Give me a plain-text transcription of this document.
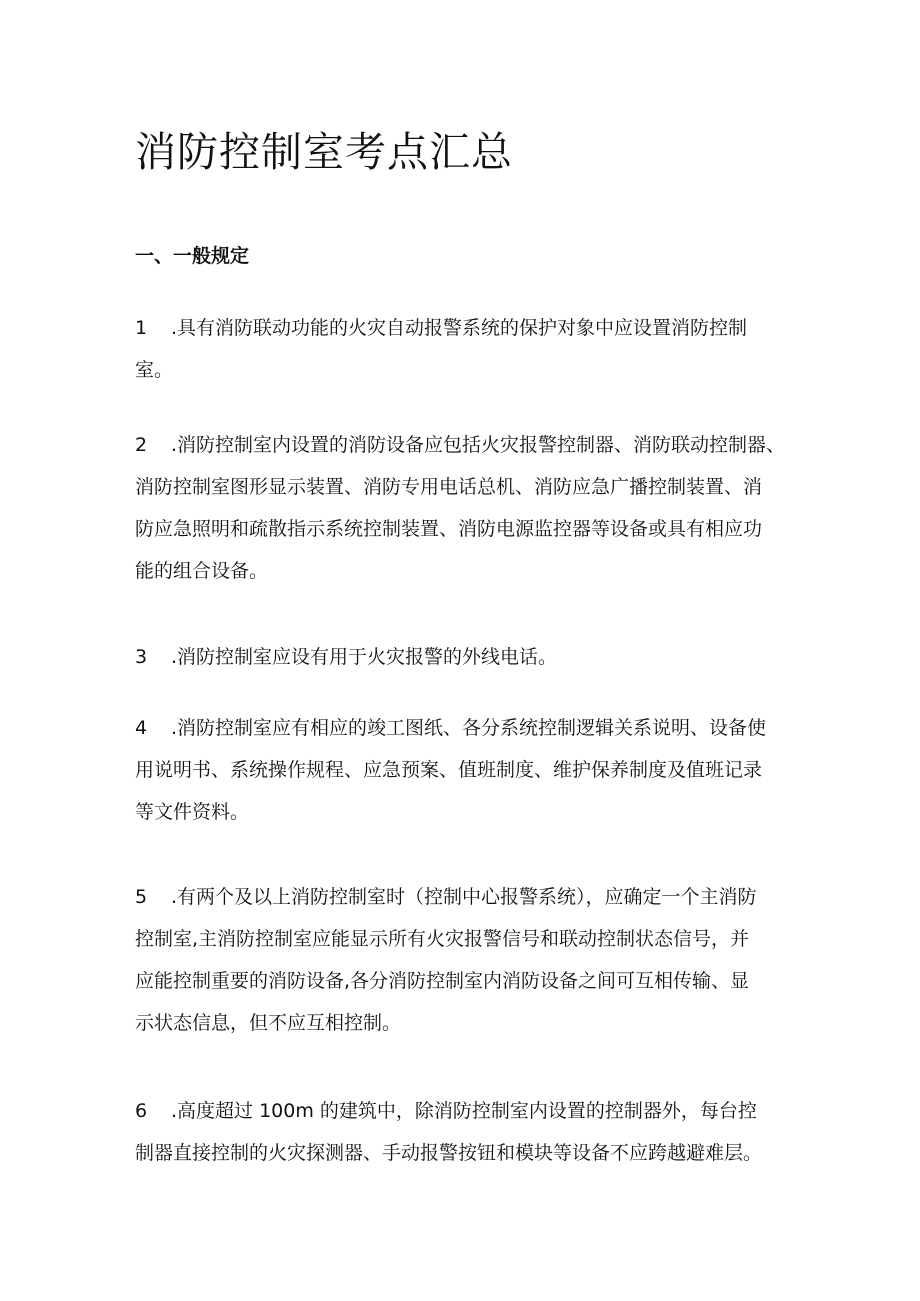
消防控制室考点汇总
一、一般规定
1 .具有消防联动功能的火灾自动报警系统的保护对象中应设置消防控制
室。
2 .消防控制室内设置的消防设备应包括火灾报警控制器、消防联动控制器、
消防控制室图形显示装置、消防专用电话总机、消防应急广播控制装置、消
防应急照明和疏散指示系统控制装置、消防电源监控器等设备或具有相应功
能的组合设备。
3 .消防控制室应设有用于火灾报警的外线电话。
4 .消防控制室应有相应的竣工图纸、各分系统控制逻辑关系说明、设备使
用说明书、系统操作规程、应急预案、值班制度、维护保养制度及值班记录
等文件资料。
5 .有两个及以上消防控制室时（控制中心报警系统），应确定一个主消防
控制室,主消防控制室应能显示所有火灾报警信号和联动控制状态信号，并
应能控制重要的消防设备,各分消防控制室内消防设备之间可互相传输、显
示状态信息，但不应互相控制。
6 .高度超过 100m 的建筑中，除消防控制室内设置的控制器外，每台控
制器直接控制的火灾探测器、手动报警按钮和模块等设备不应跨越避难层。
